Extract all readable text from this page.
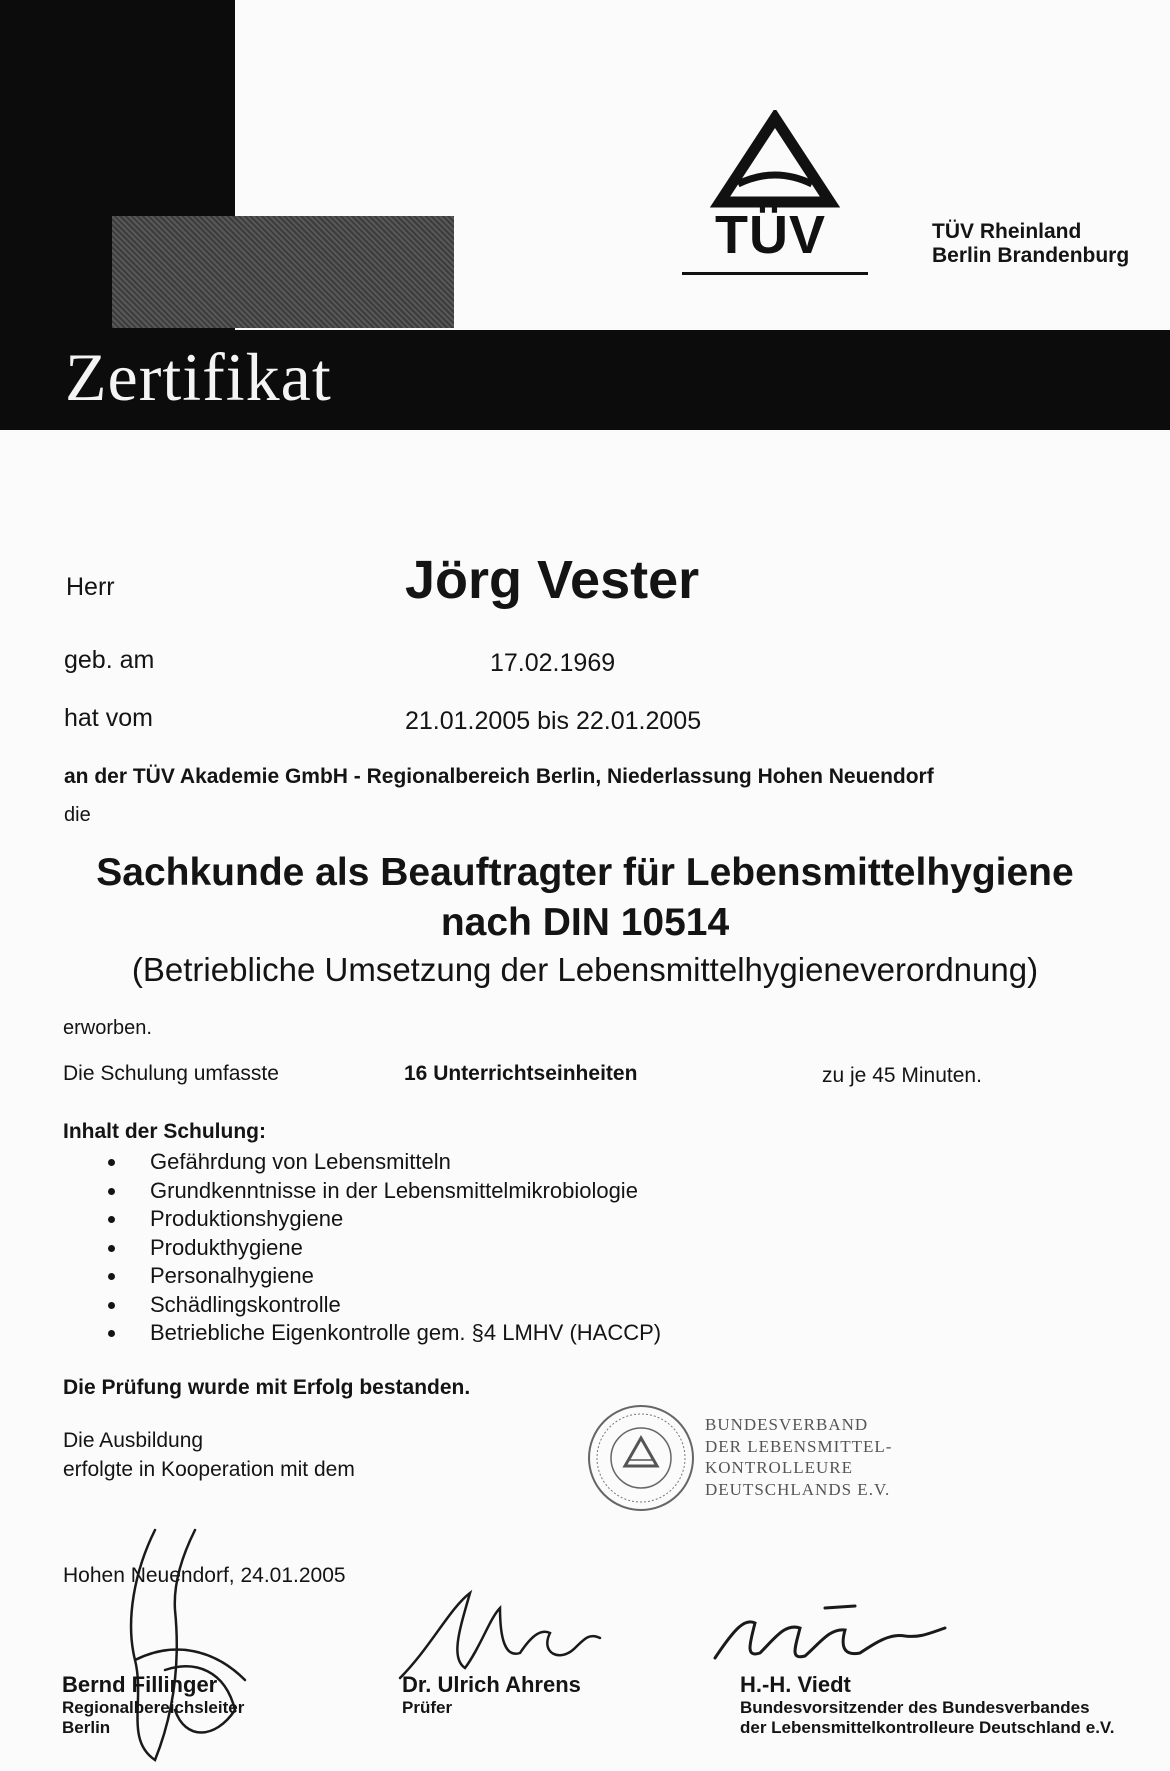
Zertifikat
TÜV	TÜV Rheinland
Berlin Brandenburg
Herr	Jörg Vester
geb. am	17.02.1969
hat vom	21.01.2005 bis 22.01.2005
an der TÜV Akademie GmbH - Regionalbereich Berlin, Niederlassung Hohen Neuendorf
die
Sachkunde als Beauftragter für Lebensmittelhygiene
nach DIN 10514
(Betriebliche Umsetzung der Lebensmittelhygieneverordnung)
erworben.
Die Schulung umfasste	16 Unterrichtseinheiten	zu je 45 Minuten.
Inhalt der Schulung:
Gefährdung von Lebensmitteln
Grundkenntnisse in der Lebensmittelmikrobiologie
Produktionshygiene
Produkthygiene
Personalhygiene
Schädlingskontrolle
Betriebliche Eigenkontrolle gem. §4 LMHV (HACCP)
Die Prüfung wurde mit Erfolg bestanden.
Die Ausbildung
erfolgte in Kooperation mit dem
BUNDESVERBAND
DER LEBENSMITTEL-
KONTROLLEURE
DEUTSCHLANDS E.V.
Hohen Neuendorf, 24.01.2005
Bernd Fillinger
Regionalbereichsleiter
Berlin
Dr. Ulrich Ahrens
Prüfer
H.-H. Viedt
Bundesvorsitzender des Bundesverbandes
der Lebensmittelkontrolleure Deutschland e.V.
